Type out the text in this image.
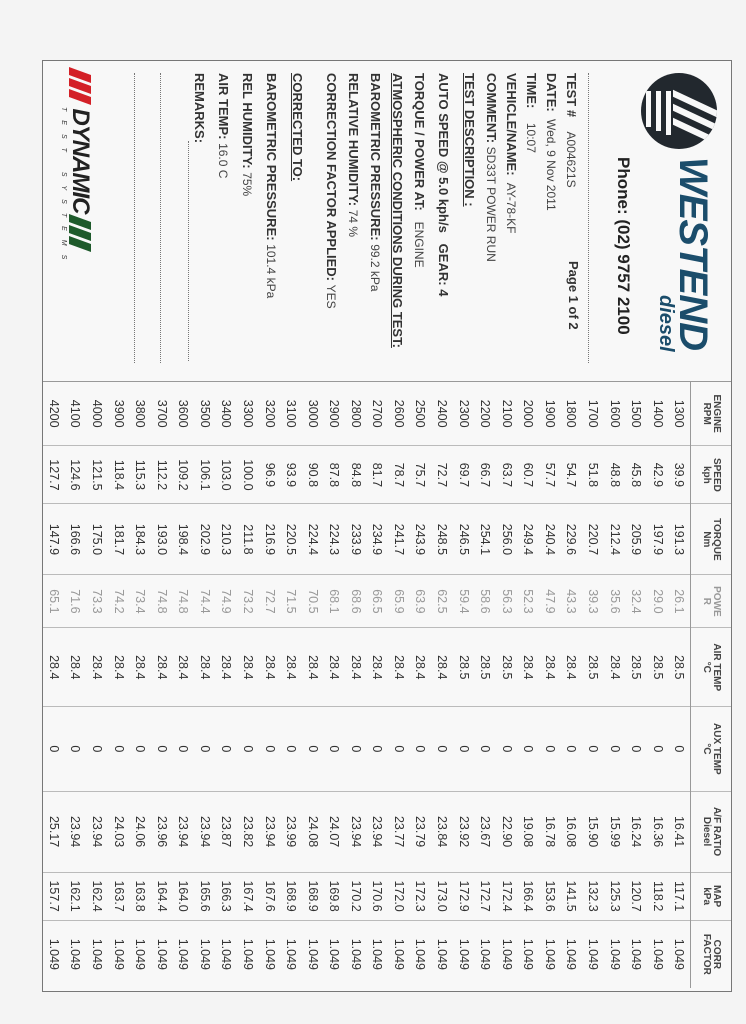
WESTEND
diesel
Phone: (02) 9757 2100
TEST #    A004621S
Page 1 of 2
DATE:  Wed, 9 Nov 2011
TIME:    10:07
VEHICLE/NAME:  AY-78-KF
COMMENT: SD33T POWER RUN
TEST DESCRIPTION :
AUTO SPEED @ 5.0 kph/s   GEAR: 4
TORQUE / POWER AT:   ENGINE
ATMOSPHERIC CONDITIONS DURING TEST:
BAROMETRIC PRESSURE: 99.2 kPa
RELATIVE HUMIDITY: 74 %
CORRECTION FACTOR APPLIED: YES
CORRECTED TO:
BAROMETRIC PRESSURE: 101.4 kPa
REL HUMIDITY: 75%
AIR TEMP: 16.0 C
REMARKS:
DYNAMIC
TEST SYSTEMS
ENGINE
RPM

SPEED
kph

TORQUE
Nm

POWE
R

AIR TEMP
°C

AUX TEMP
°C

A/F RATIO
Diesel

MAP
kPa

CORR
FACTOR

1300	39.9	191.3	26.1	28.5	0	16.41	117.1	1.049
1400	42.9	197.9	29.0	28.5	0	16.36	118.2	1.049
1500	45.8	205.9	32.4	28.5	0	16.24	120.7	1.049
1600	48.8	212.4	35.6	28.4	0	15.99	125.3	1.049
1700	51.8	220.7	39.3	28.5	0	15.90	132.3	1.049
1800	54.7	229.6	43.3	28.4	0	16.08	141.5	1.049
1900	57.7	240.4	47.9	28.4	0	16.78	153.6	1.049
2000	60.7	249.4	52.3	28.4	0	19.08	166.4	1.049
2100	63.7	256.0	56.3	28.5	0	22.90	172.4	1.049
2200	66.7	254.1	58.6	28.5	0	23.67	172.7	1.049
2300	69.7	246.5	59.4	28.5	0	23.92	172.9	1.049
2400	72.7	248.5	62.5	28.4	0	23.84	173.0	1.049
2500	75.7	243.9	63.9	28.4	0	23.79	172.3	1.049
2600	78.7	241.7	65.9	28.4	0	23.77	172.0	1.049
2700	81.7	234.9	66.5	28.4	0	23.94	170.6	1.049
2800	84.8	233.9	68.6	28.4	0	23.94	170.2	1.049
2900	87.8	224.3	68.1	28.4	0	24.07	169.8	1.049
3000	90.8	224.4	70.5	28.4	0	24.08	168.9	1.049
3100	93.9	220.5	71.5	28.4	0	23.99	168.9	1.049
3200	96.9	216.9	72.7	28.4	0	23.94	167.6	1.049
3300	100.0	211.8	73.2	28.4	0	23.82	167.4	1.049
3400	103.0	210.3	74.9	28.4	0	23.87	166.3	1.049
3500	106.1	202.9	74.4	28.4	0	23.94	165.6	1.049
3600	109.2	198.4	74.8	28.4	0	23.94	164.0	1.049
3700	112.2	193.0	74.8	28.4	0	23.96	164.4	1.049
3800	115.3	184.3	73.4	28.4	0	24.06	163.8	1.049
3900	118.4	181.7	74.2	28.4	0	24.03	163.7	1.049
4000	121.5	175.0	73.3	28.4	0	23.94	162.4	1.049
4100	124.6	166.6	71.6	28.4	0	23.94	162.1	1.049
4200	127.7	147.9	65.1	28.4	0	25.17	157.7	1.049
